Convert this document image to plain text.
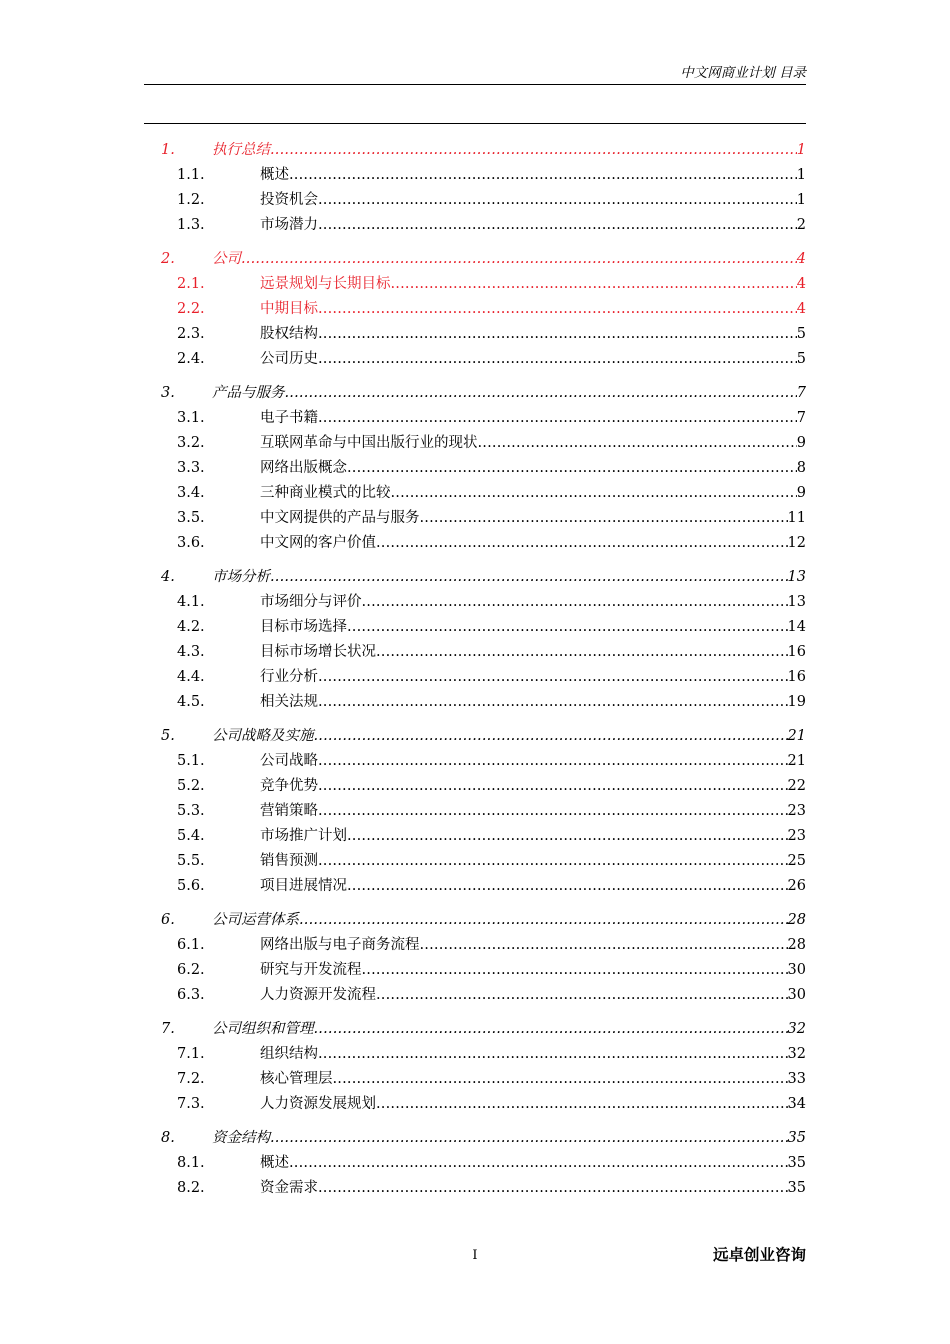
中文网商业计划 目录
1.	执行总结 .....	1
1.1.	概述 .....	1
1.2.	投资机会 .....	1
1.3.	市场潜力 .....	2
2.	公司 .....	4
2.1.	远景规划与长期目标 .....	4
2.2.	中期目标 .....	4
2.3.	股权结构 .....	5
2.4.	公司历史 .....	5
3.	产品与服务 .....	7
3.1.	电子书籍 .....	7
3.2.	互联网革命与中国出版行业的现状 .....	9
3.3.	网络出版概念 .....	8
3.4.	三种商业模式的比较 .....	9
3.5.	中文网提供的产品与服务 .....	11
3.6.	中文网的客户价值 .....	12
4.	市场分析 .....	13
4.1.	市场细分与评价 .....	13
4.2.	目标市场选择 .....	14
4.3.	目标市场增长状况 .....	16
4.4.	行业分析 .....	16
4.5.	相关法规 .....	19
5.	公司战略及实施 .....	21
5.1.	公司战略 .....	21
5.2.	竞争优势 .....	22
5.3.	营销策略 .....	23
5.4.	市场推广计划 .....	23
5.5.	销售预测 .....	25
5.6.	项目进展情况 .....	26
6.	公司运营体系 .....	28
6.1.	网络出版与电子商务流程 .....	28
6.2.	研究与开发流程 .....	30
6.3.	人力资源开发流程 .....	30
7.	公司组织和管理 .....	32
7.1.	组织结构 .....	32
7.2.	核心管理层 .....	33
7.3.	人力资源发展规划 .....	34
8.	资金结构 .....	35
8.1.	概述 .....	35
8.2.	资金需求 .....	35
I	远卓创业咨询
